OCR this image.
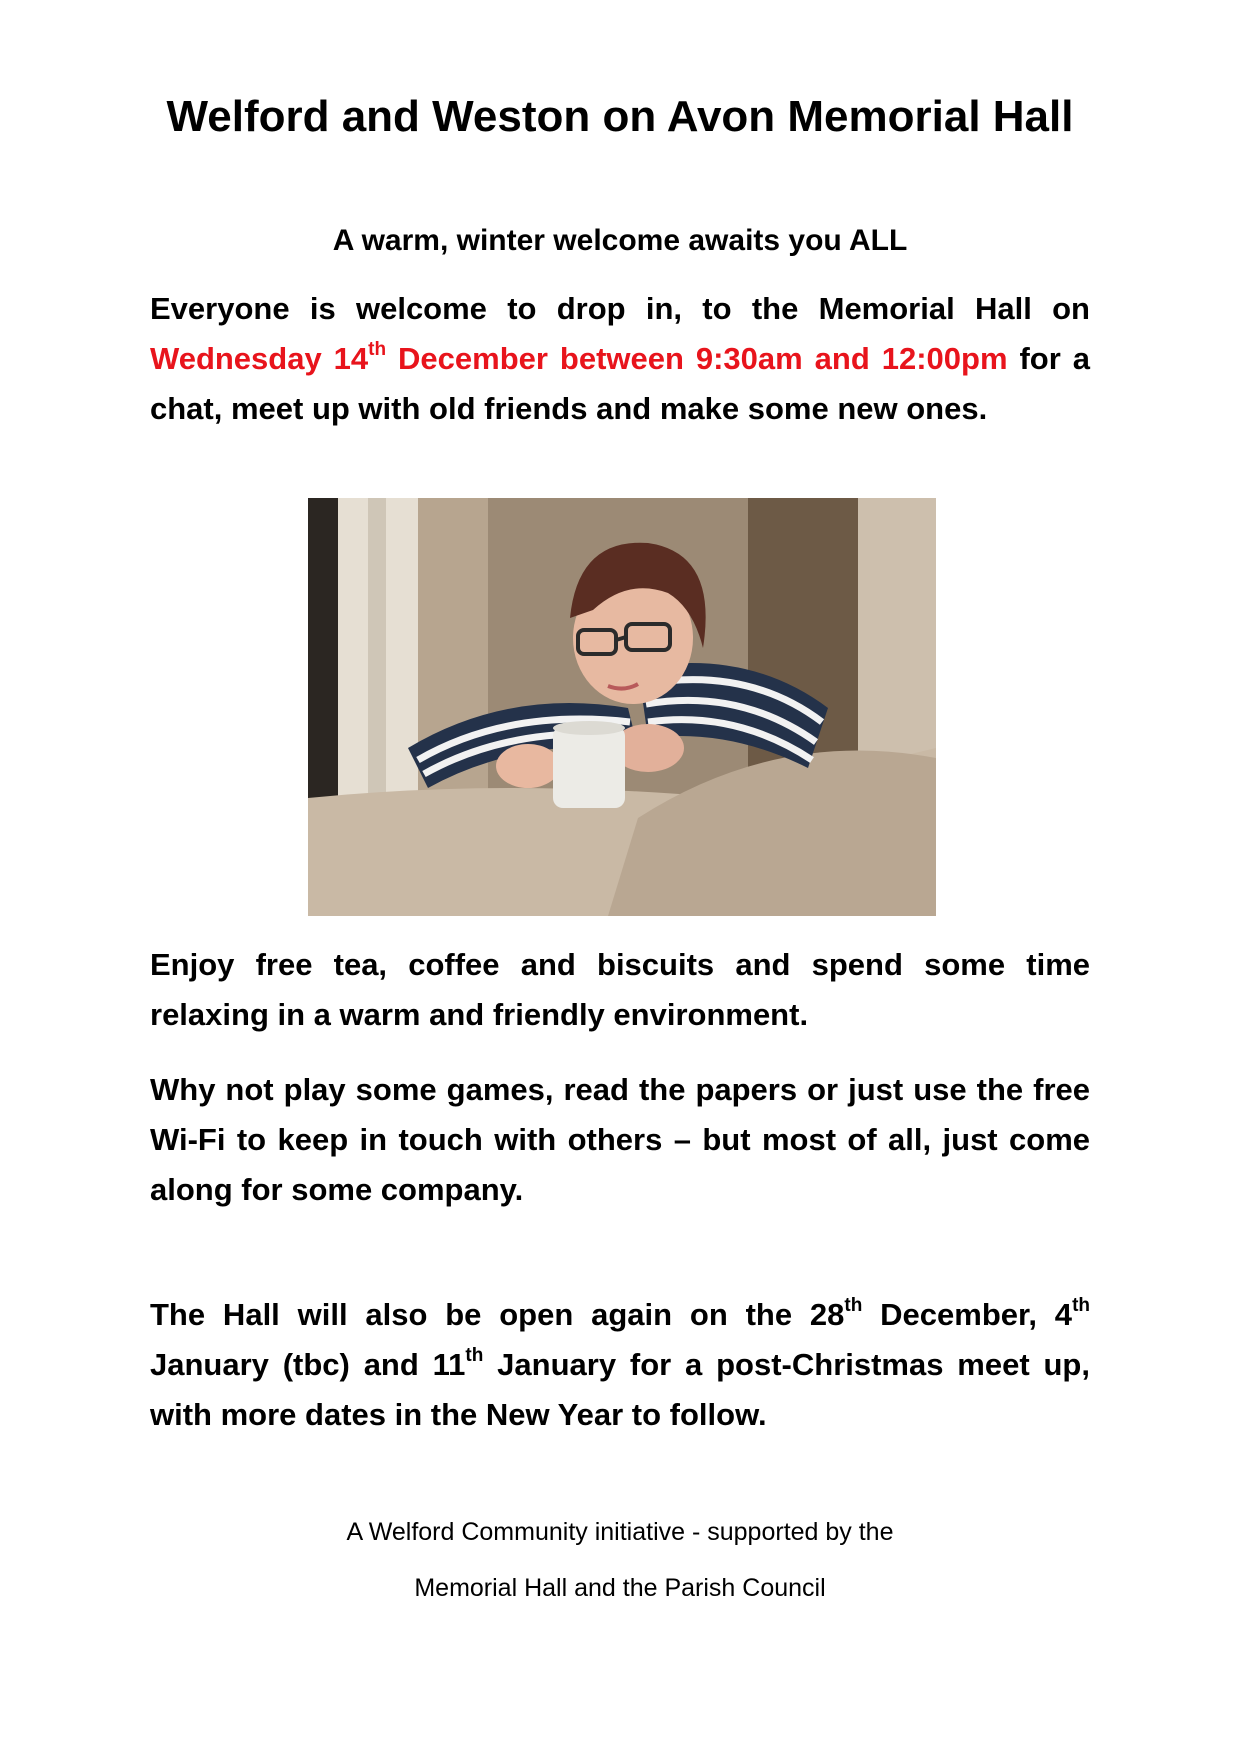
Welford and Weston on Avon Memorial Hall
A warm, winter welcome awaits you ALL

Everyone is welcome to drop in, to the Memorial Hall on Wednesday 14th December between 9:30am and 12:00pm for a chat, meet up with old friends and make some new ones.

Enjoy free tea, coffee and biscuits and spend some time relaxing in a warm and friendly environment.

Why not play some games, read the papers or just use the free Wi-Fi to keep in touch with others – but most of all, just come along for some company.

The Hall will also be open again on the 28th December, 4th January (tbc) and 11th January for a post-Christmas meet up, with more dates in the New Year to follow.

A Welford Community initiative - supported by the

Memorial Hall and the Parish Council
